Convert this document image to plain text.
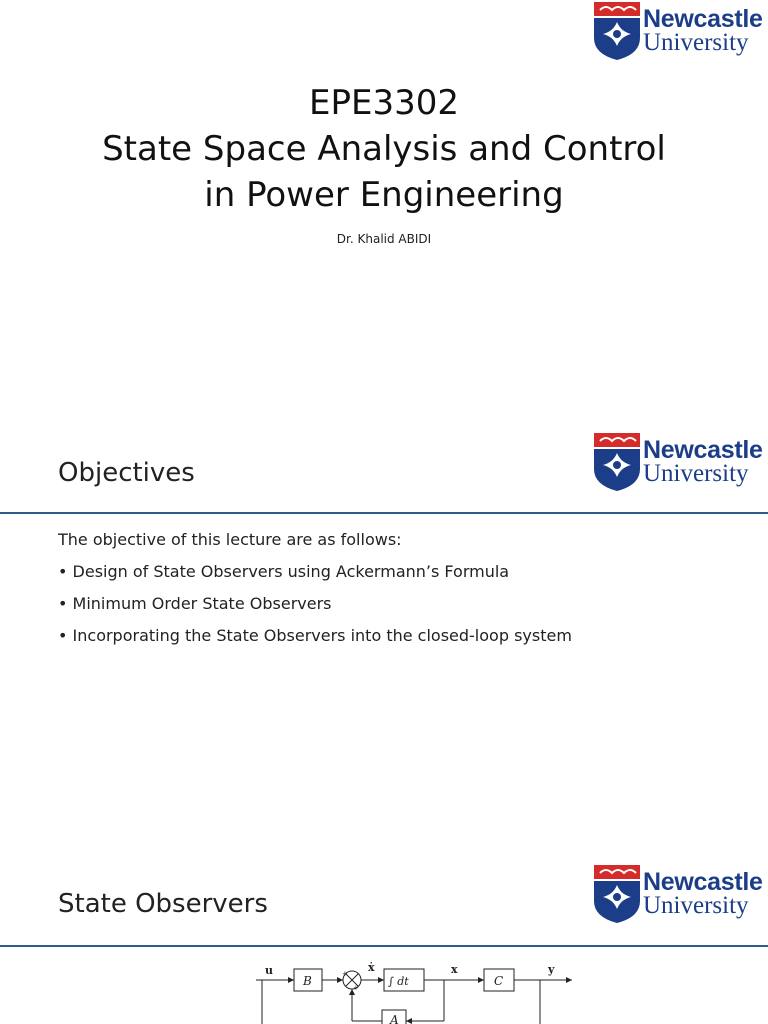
Newcastle
University
EPE3302
State Space Analysis and Control
in Power Engineering
Dr. Khalid ABIDI
Newcastle
University
Objectives
The objective of this lecture are as follows:
• Design of State Observers using Ackermann’s Formula
• Minimum Order State Observers
• Incorporating the State Observers into the closed-loop system
Newcastle
University
State Observers
u
B
ẋ
∫ dt
x
C
y
A
+
+
